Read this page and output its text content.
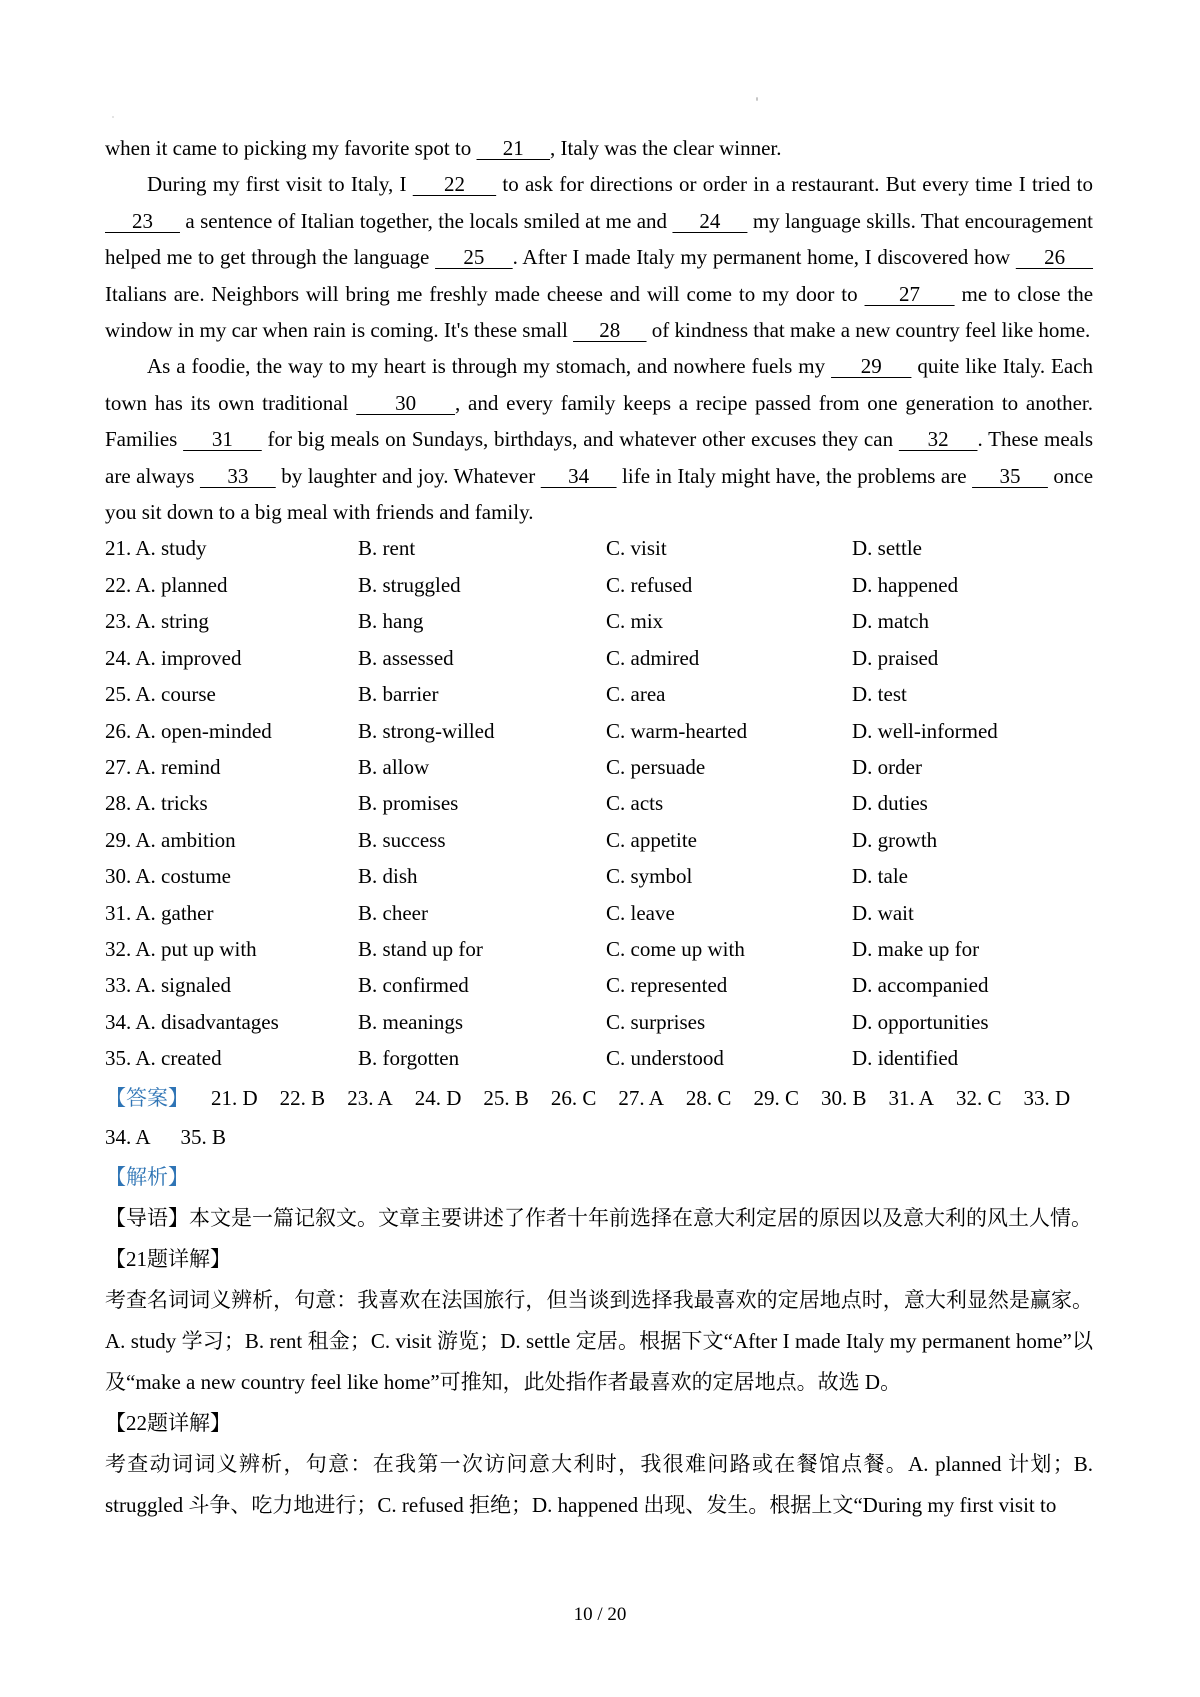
when it came to picking my favorite spot to      21     , Italy was the clear winner.

During my first visit to Italy, I      22      to ask for directions or order in a restaurant. But every time I tried to      23      a sentence of Italian together, the locals smiled at me and      24      my language skills. That encouragement helped me to get through the language      25     . After I made Italy my permanent home, I discovered how      26      Italians are. Neighbors will bring me freshly made cheese and will come to my door to      27      me to close the window in my car when rain is coming. It's these small      28      of kindness that make a new country feel like home.

As a foodie, the way to my heart is through my stomach, and nowhere fuels my      29      quite like Italy. Each town has its own traditional      30     , and every family keeps a recipe passed from one generation to another. Families      31      for big meals on Sundays, birthdays, and whatever other excuses they can      32     . These meals are always      33      by laughter and joy. Whatever      34      life in Italy might have, the problems are      35      once you sit down to a big meal with friends and family.

21. A. study	B. rent	C. visit	D. settle
22. A. planned	B. struggled	C. refused	D. happened
23. A. string	B. hang	C. mix	D. match
24. A. improved	B. assessed	C. admired	D. praised
25. A. course	B. barrier	C. area	D. test
26. A. open-minded	B. strong-willed	C. warm-hearted	D. well-informed
27. A. remind	B. allow	C. persuade	D. order
28. A. tricks	B. promises	C. acts	D. duties
29. A. ambition	B. success	C. appetite	D. growth
30. A. costume	B. dish	C. symbol	D. tale
31. A. gather	B. cheer	C. leave	D. wait
32. A. put up with	B. stand up for	C. come up with	D. make up for
33. A. signaled	B. confirmed	C. represented	D. accompanied
34. A. disadvantages	B. meanings	C. surprises	D. opportunities
35. A. created	B. forgotten	C. understood	D. identified
【答案】 21. D 22. B 23. A 24. D 25. B 26. C 27. A 28. C 29. C 30. B 31. A 32. C 33. D
34. A 35. B
【解析】

【导语】本文是一篇记叙文。文章主要讲述了作者十年前选择在意大利定居的原因以及意大利的风土人情。

【21题详解】

考查名词词义辨析，句意：我喜欢在法国旅行，但当谈到选择我最喜欢的定居地点时，意大利显然是赢家。A. study 学习；B. rent 租金；C. visit 游览；D. settle 定居。根据下文“After I made Italy my permanent home”以及“make a new country feel like home”可推知，此处指作者最喜欢的定居地点。故选 D。

【22题详解】

考查动词词义辨析，句意：在我第一次访问意大利时，我很难问路或在餐馆点餐。A. planned 计划；B. struggled 斗争、吃力地进行；C. refused 拒绝；D. happened 出现、发生。根据上文“During my first visit to

10 / 20
